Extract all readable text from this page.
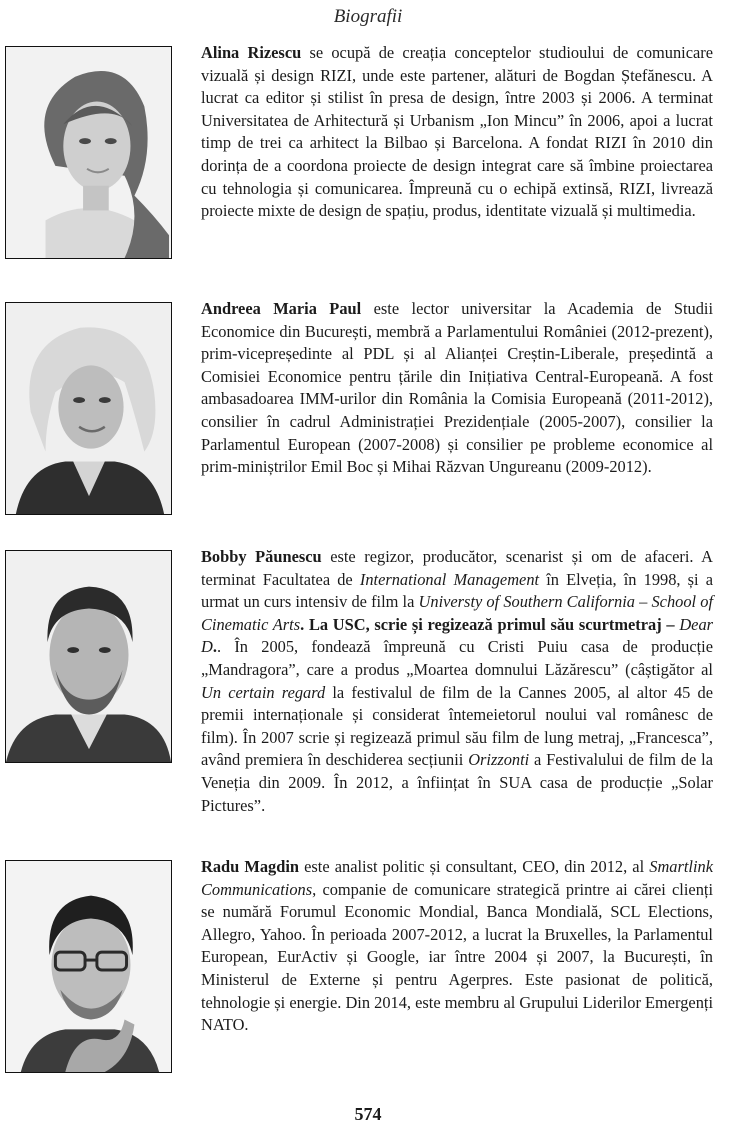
Biografii
Alina Rizescu se ocupă de creația conceptelor studioului de comunicare vizuală și design RIZI, unde este partener, alături de Bogdan Ștefănescu. A lucrat ca editor și stilist în presa de design, între 2003 și 2006. A terminat Universitatea de Arhitectură și Urbanism „Ion Mincu” în 2006, apoi a lucrat timp de trei ca arhitect la Bilbao și Barcelona. A fondat RIZI în 2010 din dorința de a coordona proiecte de design integrat care să îmbine proiectarea cu tehnologia și comunicarea. Împreună cu o echipă extinsă, RIZI, livrează proiecte mixte de design de spațiu, produs, identitate vizuală și multimedia.
Andreea Maria Paul este lector universitar la Academia de Studii Economice din București, membră a Parlamentului României (2012-prezent), prim-vicepreședinte al PDL și al Alianței Creștin-Liberale, președintă a Comisiei Economice pentru țările din Inițiativa Central-Europeană. A fost ambasadoarea IMM-urilor din România la Comisia Europeană (2011-2012), consilier în cadrul Administrației Prezidențiale (2005-2007), consilier la Parlamentul European (2007-2008) și consilier pe probleme economice al prim-miniștrilor Emil Boc și Mihai Răzvan Ungureanu (2009-2012).
Bobby Păunescu este regizor, producător, scenarist și om de afaceri. A terminat Facultatea de International Management în Elveția, în 1998, și a urmat un curs intensiv de film la Universty of Southern California – School of Cinematic Arts. La USC, scrie și regizează primul său scurtmetraj – Dear D.. În 2005, fondează împreună cu Cristi Puiu casa de producție „Mandragora”, care a produs „Moartea domnului Lăzărescu” (câștigător al Un certain regard la festivalul de film de la Cannes 2005, al altor 45 de premii internaționale și considerat întemeietorul noului val românesc de film). În 2007 scrie și regizează primul său film de lung metraj, „Francesca”, având premiera în deschiderea secțiunii Orizzonti a Festivalului de film de la Veneția din 2009. În 2012, a înființat în SUA casa de producție „Solar Pictures”.
Radu Magdin este analist politic și consultant, CEO, din 2012, al Smartlink Communications, companie de comunicare strategică printre ai cărei clienți se numără Forumul Economic Mondial, Banca Mondială, SCL Elections, Allegro, Yahoo. În perioada 2007-2012, a lucrat la Bruxelles, la Parlamentul European, EurActiv și Google, iar între 2004 și 2007, la București, în Ministerul de Externe și pentru Agerpres. Este pasionat de politică, tehnologie și energie. Din 2014, este membru al Grupului Liderilor Emergenți NATO.
574
